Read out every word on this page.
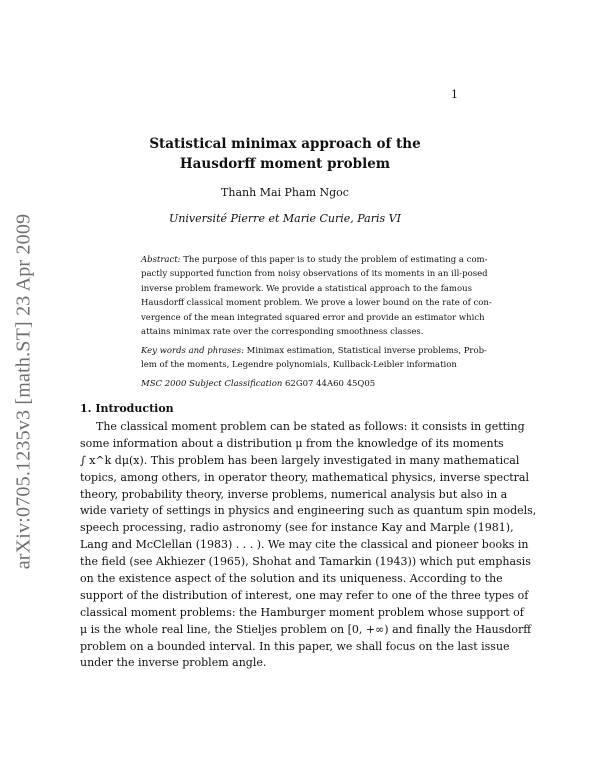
1
arXiv:0705.1235v3 [math.ST] 23 Apr 2009
Statistical minimax approach of the
Hausdorff moment problem
Thanh Mai Pham Ngoc
Université Pierre et Marie Curie, Paris VI
Abstract: The purpose of this paper is to study the problem of estimating a com-
pactly supported function from noisy observations of its moments in an ill-posed
inverse problem framework. We provide a statistical approach to the famous
Hausdorff classical moment problem. We prove a lower bound on the rate of con-
vergence of the mean integrated squared error and provide an estimator which
attains minimax rate over the corresponding smoothness classes.
Key words and phrases: Minimax estimation, Statistical inverse problems, Prob-
lem of the moments, Legendre polynomials, Kullback-Leibler information
MSC 2000 Subject Classification 62G07 44A60 45Q05
1. Introduction
The classical moment problem can be stated as follows: it consists in getting
some information about a distribution μ from the knowledge of its moments
∫ x^k dμ(x). This problem has been largely investigated in many mathematical
topics, among others, in operator theory, mathematical physics, inverse spectral
theory, probability theory, inverse problems, numerical analysis but also in a
wide variety of settings in physics and engineering such as quantum spin models,
speech processing, radio astronomy (see for instance Kay and Marple (1981),
Lang and McClellan (1983) . . . ). We may cite the classical and pioneer books in
the field (see Akhiezer (1965), Shohat and Tamarkin (1943)) which put emphasis
on the existence aspect of the solution and its uniqueness. According to the
support of the distribution of interest, one may refer to one of the three types of
classical moment problems: the Hamburger moment problem whose support of
μ is the whole real line, the Stieljes problem on [0, +∞) and finally the Hausdorff
problem on a bounded interval. In this paper, we shall focus on the last issue
under the inverse problem angle.
